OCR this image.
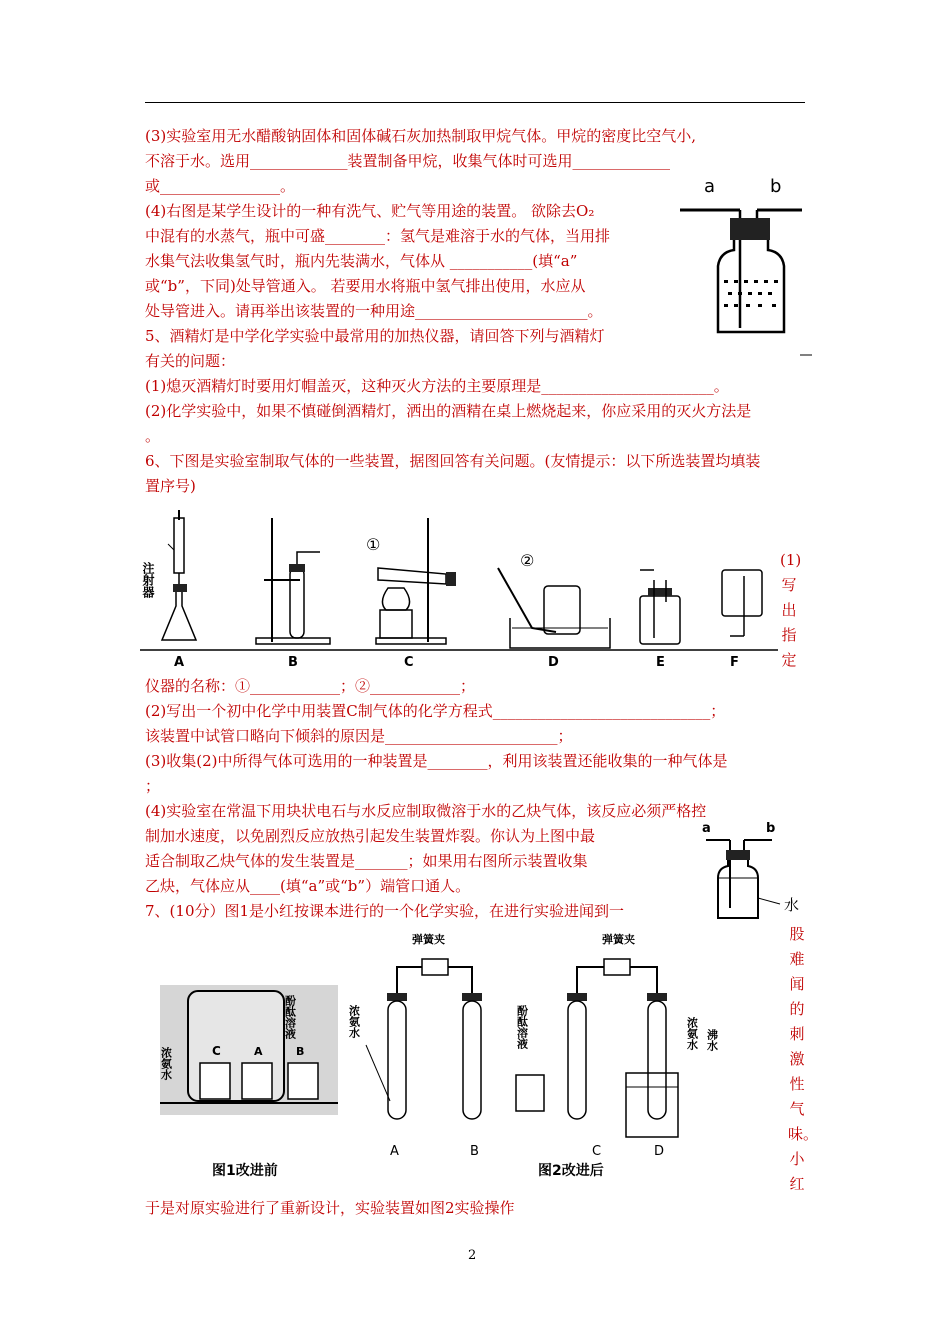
(3)实验室用无水醋酸钠固体和固体碱石灰加热制取甲烷气体。甲烷的密度比空气小,
不溶于水。选用_____________装置制备甲烷，收集气体时可选用_____________
或________________。
(4)右图是某学生设计的一种有洗气、贮气等用途的装置。 欲除去O₂
中混有的水蒸气，瓶中可盛________：氢气是难溶于水的气体，当用排
水集气法收集氢气时，瓶内先装满水，气体从 ___________(填“a”
或“b”，下同)处导管通入。 若要用水将瓶中氢气排出使用，水应从
处导管进入。请再举出该装置的一种用途_______________________。
5、酒精灯是中学化学实验中最常用的加热仪器，请回答下列与酒精灯
有关的问题：
(1)熄灭酒精灯时要用灯帽盖灭，这种灭火方法的主要原理是_______________________。
(2)化学实验中，如果不慎碰倒酒精灯，洒出的酒精在桌上燃烧起来，你应采用的灭火方法是
。
6、下图是实验室制取气体的一些装置，据图回答有关问题。(友情提示：以下所选装置均填装
置序号)
a	b
注射器
①
②
A	B	C	D	E	F
(1)
写
出
指
定
仪器的名称：①____________；②____________；
(2)写出一个初中化学中用装置C制气体的化学方程式_____________________________；
该装置中试管口略向下倾斜的原因是_______________________；
(3)收集(2)中所得气体可选用的一种装置是________，利用该装置还能收集的一种气体是
；
(4)实验室在常温下用块状电石与水反应制取微溶于水的乙炔气体，该反应必须严格控
制加水速度，以免剧烈反应放热引起发生装置炸裂。你认为上图中最
适合制取乙炔气体的发生装置是_______；如果用右图所示装置收集
乙炔，气体应从____(填“a”或“b”）端管口通人。
7、(10分）图1是小红按课本进行的一个化学实验，在进行实验进闻到一
a	b
水
浓氨水
酚酞溶液
C	A	B
图1改进前
弹簧夹
浓氨水	酚酞溶液
A	B
弹簧夹
浓氨水 沸水
C	D
图2改进后
股
难
闻
的
刺
激
性
气
味。
小
红
于是对原实验进行了重新设计，实验装置如图2实验操作
2
